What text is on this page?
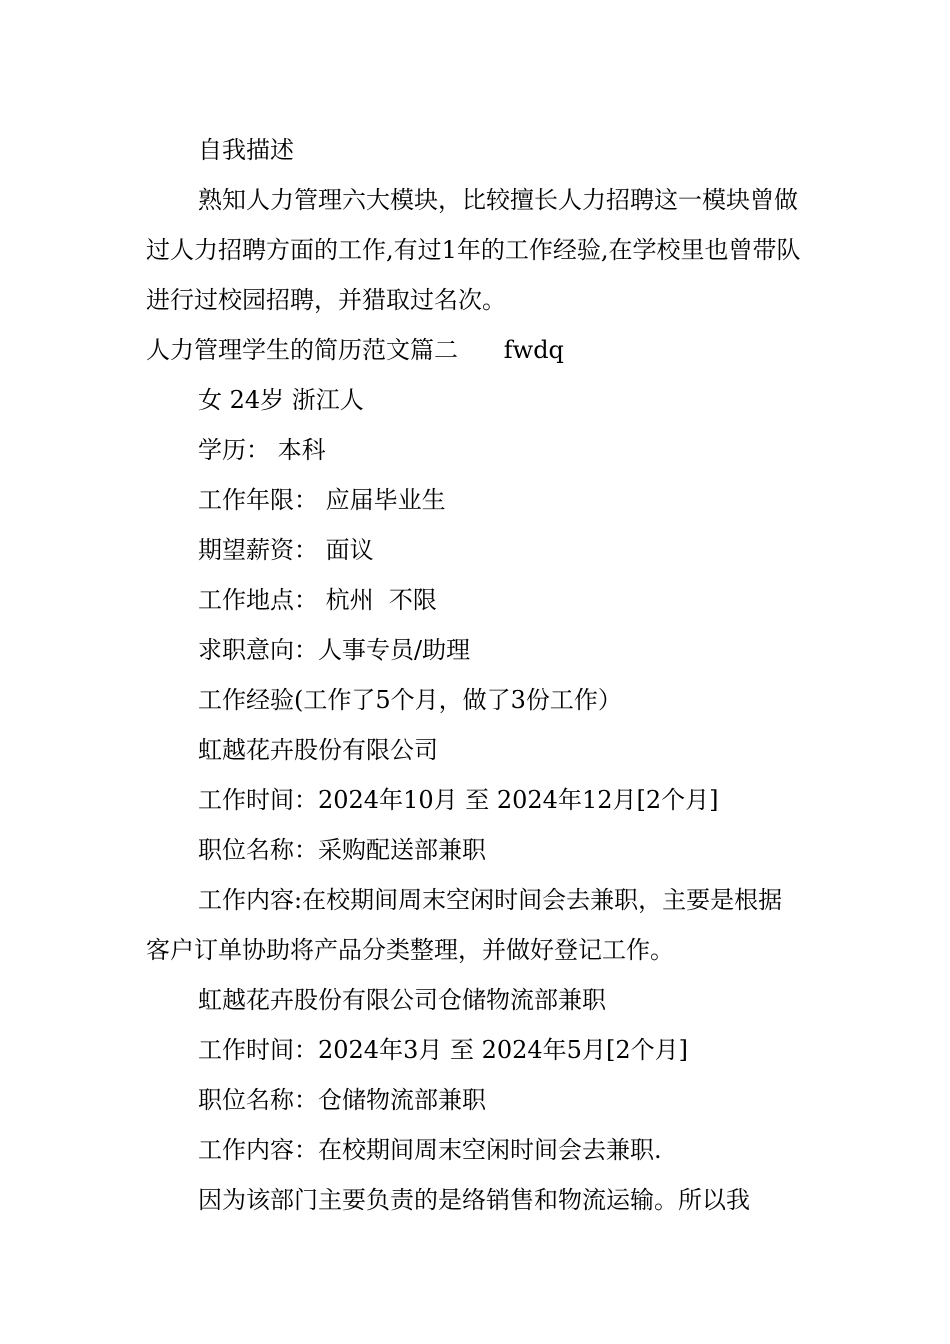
自我描述

熟知人力管理六大模块，比较擅长人力招聘这一模块曾做过人力招聘方面的工作,有过1年的工作经验,在学校里也曾带队进行过校园招聘，并猎取过名次。

人力管理学生的简历范文篇二      fwdq

女 24岁 浙江人

学历： 本科

工作年限： 应届毕业生

期望薪资： 面议

工作地点： 杭州  不限

求职意向：人事专员/助理

工作经验(工作了5个月，做了3份工作）

虹越花卉股份有限公司

工作时间：2024年10月 至 2024年12月[2个月]

职位名称：采购配送部兼职

工作内容:在校期间周末空闲时间会去兼职，主要是根据客户订单协助将产品分类整理，并做好登记工作。

虹越花卉股份有限公司仓储物流部兼职

工作时间：2024年3月 至 2024年5月[2个月]

职位名称：仓储物流部兼职

工作内容：在校期间周末空闲时间会去兼职.

因为该部门主要负责的是络销售和物流运输。所以我
